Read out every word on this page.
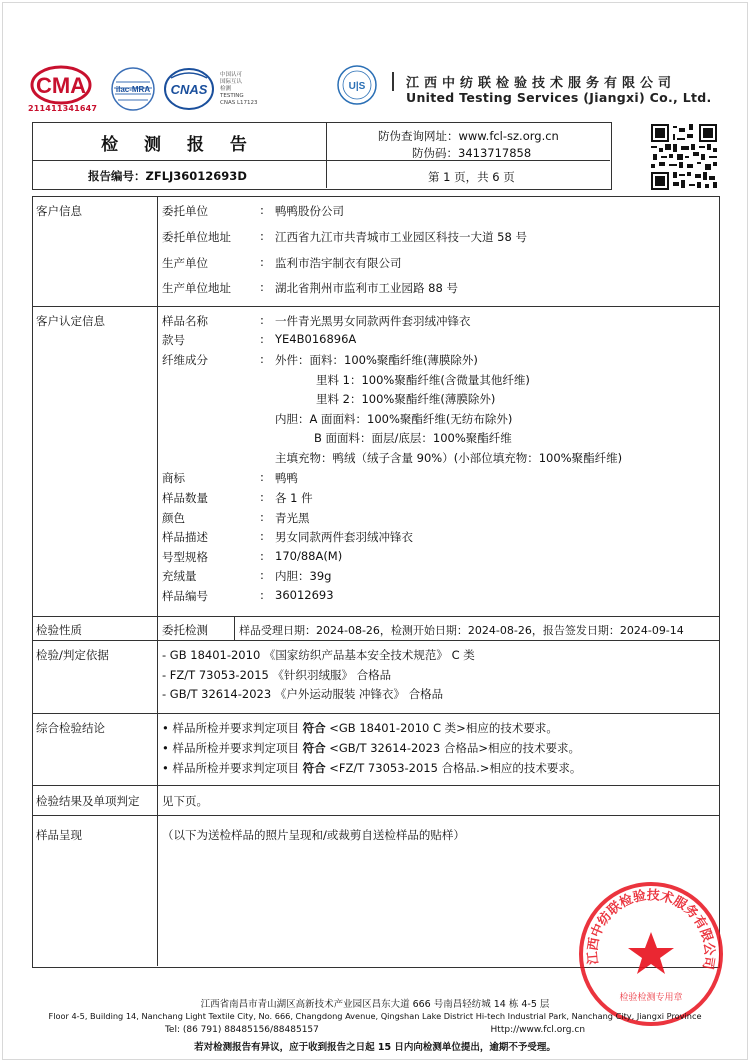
CMA
211411341647
ilac-MRA CNAS
中国认可
国际互认
检测
TESTING
CNAS L17123
U|S	江西中纺联检验技术服务有限公司
United Testing Services (Jiangxi) Co., Ltd.
检 测 报 告
报告编号：ZFLJ36012693D
防伪查询网址：www.fcl-sz.org.cn
防伪码：3413717858
第 1 页，共 6 页
客户信息	委托单位	: 鸭鸭股份公司
委托单位地址	: 江西省九江市共青城市工业园区科技一大道 58 号
生产单位	: 监利市浩宇制衣有限公司
生产单位地址	: 湖北省荆州市监利市工业园路 88 号
客户认定信息	样品名称	: 一件青光黑男女同款两件套羽绒冲锋衣
款号	: YE4B016896A
纤维成分	: 外件：面料：100%聚酯纤维(薄膜除外)
里料 1：100%聚酯纤维(含微量其他纤维)
里料 2：100%聚酯纤维(薄膜除外)
内胆：A 面面料：100%聚酯纤维(无纺布除外)
B 面面料：面层/底层：100%聚酯纤维
主填充物：鸭绒（绒子含量 90%）(小部位填充物：100%聚酯纤维)
商标	: 鸭鸭
样品数量	: 各 1 件
颜色	: 青光黑
样品描述	: 男女同款两件套羽绒冲锋衣
号型规格	: 170/88A(M)
充绒量	: 内胆：39g
样品编号	: 36012693
检验性质	委托检测	样品受理日期：2024-08-26，检测开始日期：2024-08-26，报告签发日期：2024-09-14
检验/判定依据	- GB 18401-2010 《国家纺织产品基本安全技术规范》 C 类
- FZ/T 73053-2015 《针织羽绒服》 合格品
- GB/T 32614-2023 《户外运动服装 冲锋衣》 合格品
综合检验结论	• 样品所检并要求判定项目 符合 <GB 18401-2010 C 类>相应的技术要求。
• 样品所检并要求判定项目 符合 <GB/T 32614-2023 合格品>相应的技术要求。
• 样品所检并要求判定项目 符合 <FZ/T 73053-2015 合格品.>相应的技术要求。
检验结果及单项判定 见下页。
样品呈现	（以下为送检样品的照片呈现和/或裁剪自送检样品的贴样）
江西中纺联检验技术服务有限公司
检验检测专用章
江西省南昌市青山湖区高新技术产业园区昌东大道 666 号南昌轻纺城 14 栋 4-5 层
Floor 4-5, Building 14, Nanchang Light Textile City, No. 666, Changdong Avenue, Qingshan Lake District Hi-tech Industrial Park, Nanchang City, Jiangxi Province
Tel: (86 791) 88485156/88485157                                                            Http://www.fcl.org.cn
若对检测报告有异议，应于收到报告之日起 15 日内向检测单位提出，逾期不予受理。
